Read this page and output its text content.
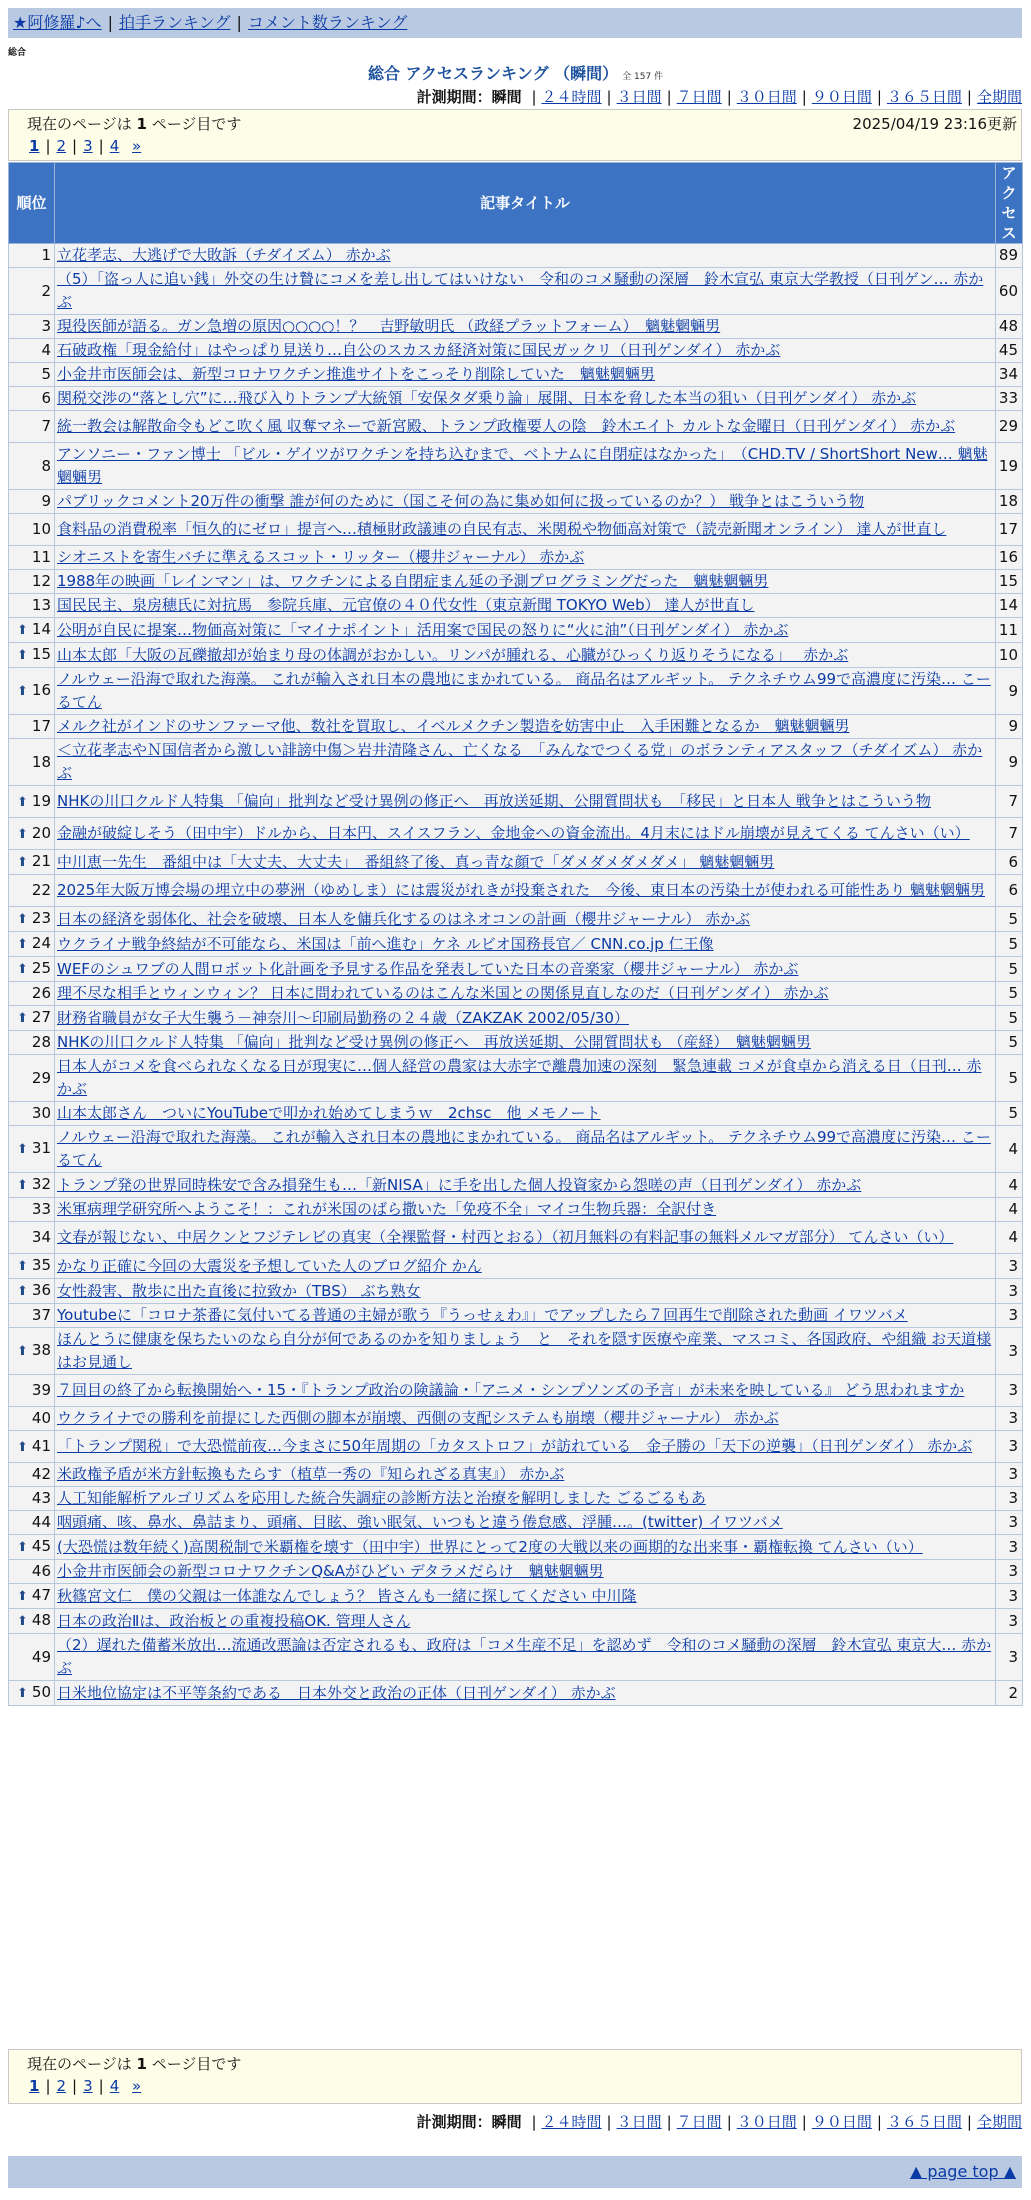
★阿修羅♪へ | 拍手ランキング | コメント数ランキング
総合
総合 アクセスランキング （瞬間） 全 157 件
計測期間：瞬間 | ２４時間 | ３日間 | ７日間 | ３０日間 | ９０日間 | ３６５日間 | 全期間
現在のページは 1 ページ目です	2025/04/19 23:16更新
1 | 2 | 3 | 4 »
順位	記事タイトル	アクセス
1	立花孝志、大逃げで大敗訴（チダイズム） 赤かぶ	89
2	（5）「盗っ人に追い銭」外交の生け贄にコメを差し出してはいけない　令和のコメ騒動の深層　鈴木宣弘 東京大学教授（日刊ゲン… 赤かぶ	60
3	現役医師が語る。ガン急増の原因○○○○！？　吉野敏明氏 （政経プラットフォーム）　魑魅魍魎男	48
4	石破政権「現金給付」はやっぱり見送り…自公のスカスカ経済対策に国民ガックリ（日刊ゲンダイ） 赤かぶ	45
5	小金井市医師会は、新型コロナワクチン推進サイトをこっそり削除していた　魑魅魍魎男	34
6	関税交渉の“落とし穴”に…飛び入りトランプ大統領「安保タダ乗り論」展開、日本を脅した本当の狙い（日刊ゲンダイ） 赤かぶ	33
7	統一教会は解散命令もどこ吹く風 収奪マネーで新宮殿、トランプ政権要人の陰　鈴木エイト カルトな金曜日（日刊ゲンダイ） 赤かぶ	29
8	アンソニー・ファン博士 「ビル・ゲイツがワクチンを持ち込むまで、ベトナムに自閉症はなかった」　（CHD.TV / ShortShort New… 魑魅魍魎男	19
9	パブリックコメント20万件の衝撃 誰が何のために（国こそ何の為に集め如何に扱っているのか？） 戦争とはこういう物	18
10	食料品の消費税率「恒久的にゼロ」提言へ…積極財政議連の自民有志、米関税や物価高対策で（読売新聞オンライン） 達人が世直し	17
11	シオニストを寄生バチに準えるスコット・リッター（櫻井ジャーナル） 赤かぶ	16
12	1988年の映画「レインマン」は、ワクチンによる自閉症まん延の予測プログラミングだった　魑魅魍魎男	15
13	国民民主、泉房穂氏に対抗馬　参院兵庫、元官僚の４０代女性（東京新聞 TOKYO Web） 達人が世直し	14
⬆ 14	公明が自民に提案…物価高対策に「マイナポイント」活用案で国民の怒りに“火に油”（日刊ゲンダイ） 赤かぶ	11
⬆ 15	山本太郎「大阪の瓦礫撤却が始まり母の体調がおかしい。リンパが腫れる、心臓がひっくり返りそうになる」　 赤かぶ	10
⬆ 16	ノルウェー沿海で取れた海藻。 これが輸入され日本の農地にまかれている。 商品名はアルギット。 テクネチウム99で高濃度に汚染… こーるてん	9
17	メルク社がインドのサンファーマ他、数社を買取し、イベルメクチン製造を妨害中止　入手困難となるか　魑魅魍魎男	9
18	＜立花孝志やＮ国信者から激しい誹謗中傷＞岩井清隆さん、亡くなる　「みんなでつくる党」のボランティアスタッフ（チダイズム） 赤かぶ	9
⬆ 19	NHKの川口クルド人特集 「偏向」批判など受け異例の修正へ　再放送延期、公開質問状も　「移民」と日本人 戦争とはこういう物	7
⬆ 20	金融が破綻しそう（田中宇）ドルから、日本円、スイスフラン、金地金への資金流出。4月末にはドル崩壊が見えてくる てんさい（い）	7
⬆ 21	中川恵一先生　番組中は「大丈夫、大丈夫」　番組終了後、真っ青な顔で「ダメダメダメダメ」 魑魅魍魎男	6
22	2025年大阪万博会場の埋立中の夢洲（ゆめしま）には震災がれきが投棄された　今後、東日本の汚染土が使われる可能性あり 魑魅魍魎男	6
⬆ 23	日本の経済を弱体化、社会を破壊、日本人を傭兵化するのはネオコンの計画（櫻井ジャーナル） 赤かぶ	5
⬆ 24	ウクライナ戦争終結が不可能なら、米国は「前へ進む」ケネ ルビオ国務長官／ CNN.co.jp 仁王像	5
⬆ 25	WEFのシュワブの人間ロボット化計画を予見する作品を発表していた日本の音楽家（櫻井ジャーナル） 赤かぶ	5
26	理不尽な相手とウィンウィン？ 日本に問われているのはこんな米国との関係見直しなのだ（日刊ゲンダイ） 赤かぶ	5
⬆ 27	財務省職員が女子大生襲う－神奈川～印刷局勤務の２４歳（ZAKZAK 2002/05/30）	5
28	NHKの川口クルド人特集 「偏向」批判など受け異例の修正へ　再放送延期、公開質問状も （産経）　魑魅魍魎男	5
29	日本人がコメを食べられなくなる日が現実に…個人経営の農家は大赤字で離農加速の深刻　緊急連載 コメが食卓から消える日（日刊… 赤かぶ	5
30	山本太郎さん　ついにYouTubeで叩かれ始めてしまうｗ　2chsc　他 メモノート	5
⬆ 31	ノルウェー沿海で取れた海藻。 これが輸入され日本の農地にまかれている。 商品名はアルギット。 テクネチウム99で高濃度に汚染… こーるてん	4
⬆ 32	トランプ発の世界同時株安で含み損発生も…「新NISA」に手を出した個人投資家から怨嗟の声（日刊ゲンダイ） 赤かぶ	4
33	米軍病理学研究所へようこそ！：これが米国のばら撒いた「免疫不全」マイコ生物兵器：全訳付き	4
34	文春が報じない、中居クンとフジテレビの真実（全裸監督・村西とおる）（初月無料の有料記事の無料メルマガ部分） てんさい（い）	4
⬆ 35	かなり正確に今回の大震災を予想していた人のブログ紹介 かん	3
⬆ 36	女性殺害、散歩に出た直後に拉致か（TBS） ぶち熟女	3
37	Youtubeに「コロナ茶番に気付いてる普通の主婦が歌う『うっせぇわ』」でアップしたら７回再生で削除された動画 イワツバメ	3
⬆ 38	ほんとうに健康を保ちたいのなら自分が何であるのかを知りましょう　と　それを隠す医療や産業、マスコミ、各国政府、や組織 お天道様はお見通し	3
39	７回目の終了から転換開始へ・15・『トランプ政治の険議論・「アニメ・シンプソンズの予言」が未来を映している』 どう思われますか	3
40	ウクライナでの勝利を前提にした西側の脚本が崩壊、西側の支配システムも崩壊（櫻井ジャーナル） 赤かぶ	3
⬆ 41	「トランプ関税」で大恐慌前夜…今まさに50年周期の「カタストロフ」が訪れている　金子勝の「天下の逆襲」（日刊ゲンダイ） 赤かぶ	3
42	米政権予盾が米方針転換もたらす（植草一秀の『知られざる真実』） 赤かぶ	3
43	人工知能解析アルゴリズムを応用した統合失調症の診断方法と治療を解明しました ごるごるもあ	3
44	咽頭痛、咳、鼻水、鼻詰まり、頭痛、目眩、強い眠気、いつもと違う倦怠感、浮腫…。(twitter) イワツバメ	3
⬆ 45	(大恐慌は数年続く)高関税制で米覇権を壊す（田中宇）世界にとって2度の大戦以来の画期的な出来事・覇権転換 てんさい（い）	3
46	小金井市医師会の新型コロナワクチンQ&Aがひどい デタラメだらけ　魑魅魍魎男	3
⬆ 47	秋篠宮文仁　僕の父親は一体誰なんでしょう？ 皆さんも一緒に探してください 中川隆	3
⬆ 48	日本の政治Ⅱは、政治板との重複投稿OK. 管理人さん	3
49	（2）遅れた備蓄米放出…流通改悪論は否定されるも、政府は「コメ生産不足」を認めず　令和のコメ騒動の深層　鈴木宣弘 東京大… 赤かぶ	3
⬆ 50	日米地位協定は不平等条約である　日本外交と政治の正体（日刊ゲンダイ） 赤かぶ	2
現在のページは 1 ページ目です
1 | 2 | 3 | 4 »
計測期間：瞬間 | ２４時間 | ３日間 | ７日間 | ３０日間 | ９０日間 | ３６５日間 | 全期間
▲ page top ▲
